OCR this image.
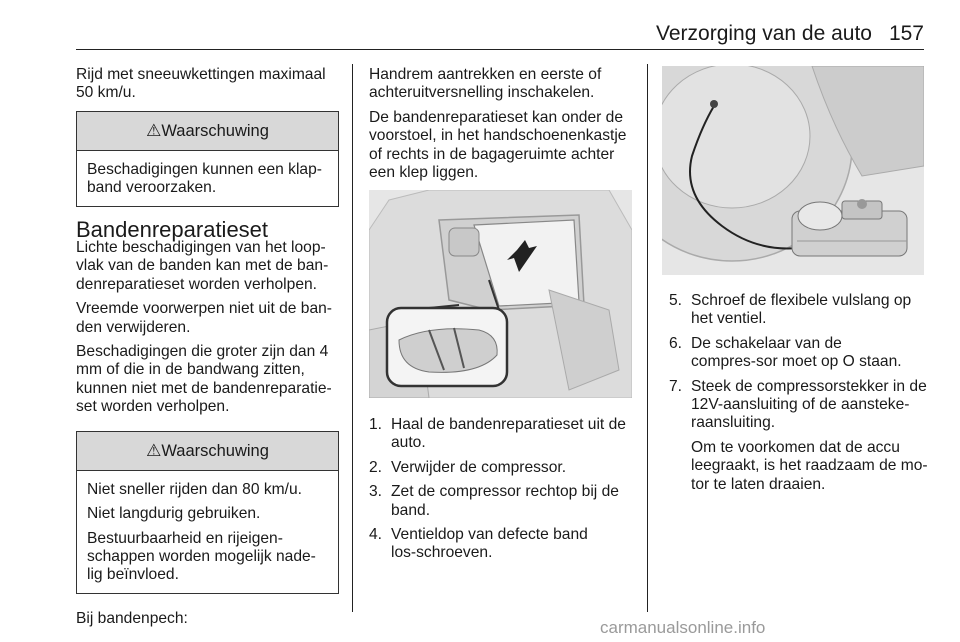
Verzorging van de auto 157

Rijd met sneeuwkettingen maximaal 50 km/u.

⚠Waarschuwing

Beschadigingen kunnen een klap-band veroorzaken.

Bandenreparatieset

Lichte beschadigingen van het loop-vlak van de banden kan met de ban-denreparatieset worden verholpen.

Vreemde voorwerpen niet uit de ban-den verwijderen.

Beschadigingen die groter zijn dan 4 mm of die in de bandwang zitten, kunnen niet met de bandenreparatie-set worden verholpen.

⚠Waarschuwing

Niet sneller rijden dan 80 km/u.

Niet langdurig gebruiken.

Bestuurbaarheid en rijeigen-schappen worden mogelijk nade-lig beïnvloed.

Bij bandenpech:

Handrem aantrekken en eerste of achteruitversnelling inschakelen.

De bandenreparatieset kan onder de voorstoel, in het handschoenenkastje of rechts in de bagageruimte achter een klep liggen.

1. Haal de bandenreparatieset uit de auto.
2. Verwijder de compressor.
3. Zet de compressor rechtop bij de band.
4. Ventieldop van defecte band los-schroeven.
5. Schroef de flexibele vulslang op het ventiel.
6. De schakelaar van de compres-sor moet op O staan.
7. Steek de compressorstekker in de 12V-aansluiting of de aansteke-raansluiting.
Om te voorkomen dat de accu leegraakt, is het raadzaam de mo-tor te laten draaien.
carmanualsonline.info
